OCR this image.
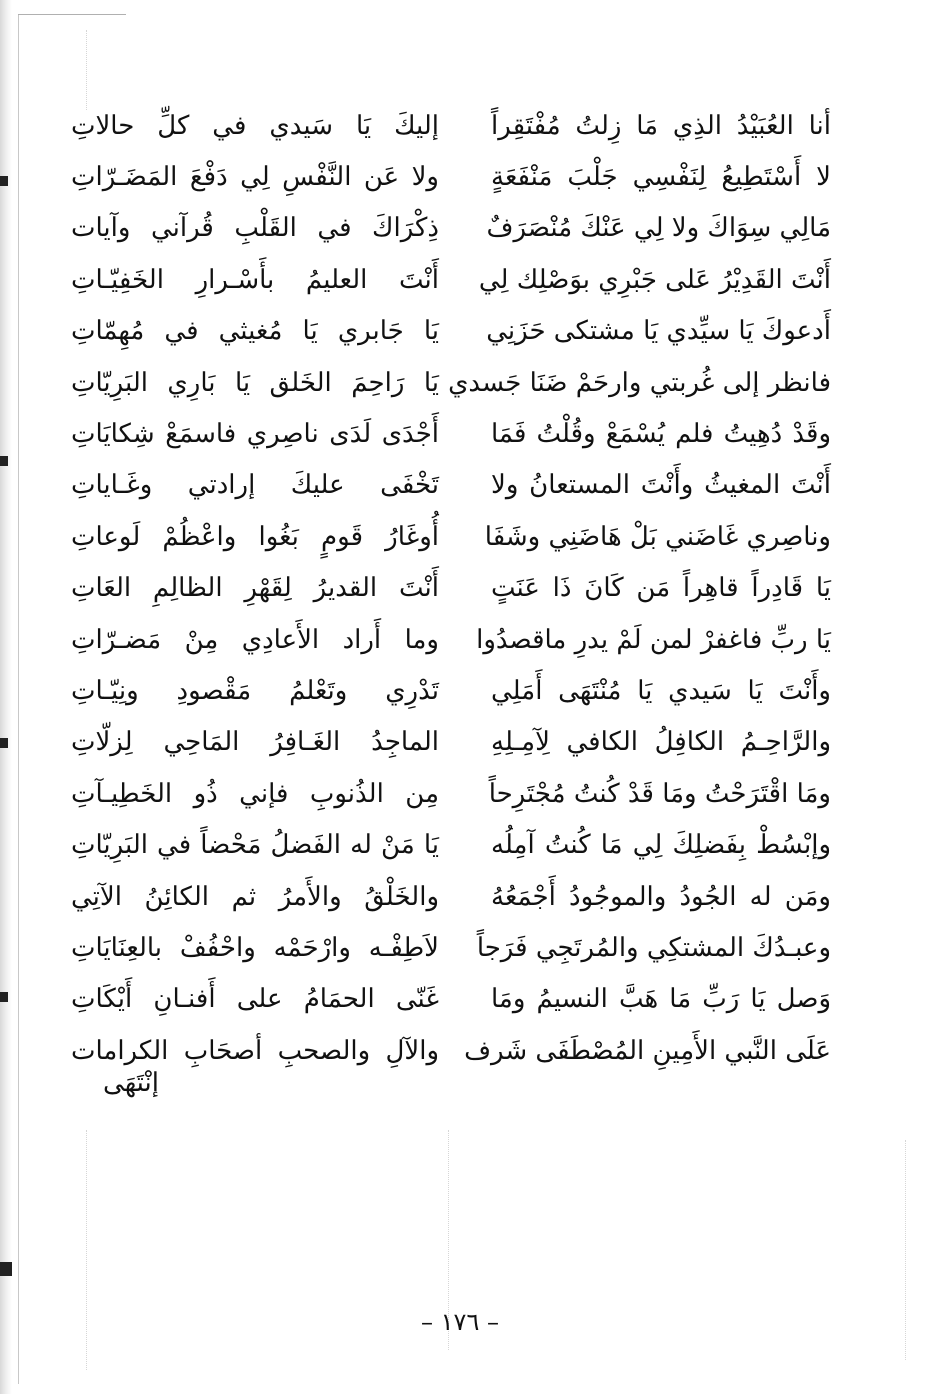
أنا العُبَيْدُ الذِي مَا زِلتُ مُفْتَقِراً
إليكَ يَا سَيدي في كلِّ حالاتِ
لا أَسْتَطِيعُ لِنَفْسِي جَلْبَ مَنْفَعَةٍ
ولا عَن النَّفْسِ لِي دَفْعَ المَضَـرّاتِ
مَالِي سِوَاكَ ولا لِي عَنْكَ مُنْصَرَفٌ
ذِكْرَاكَ في القَلْبِ قُرآني وآيات
أَنْتَ القَدِيْرُ عَلى جَبْرِي بوَصْلِك لِي
أَنْتَ العليمُ بأَسْـرارِ الخَفِيّـاتِ
أَدعوكَ يَا سيِّدي يَا مشتكى حَزَنِي
يَا جَابري يَا مُغيثي في مُهِمّاتِ
فانظر إلى غُربتي وارحَمْ ضَنَا جَسدي
يَا رَاحِمَ الخَلق يَا بَارِي البَرِيّاتِ
وقَدْ دُهِيتُ فلم يُسْمَعْ وقُلْتُ فَمَا
أَجْدَى لَدَى ناصِري فاسمَعْ شِكايَاتِ
أَنْتَ المغيثُ وأَنْتَ المستعانُ ولا
تَخْفَى عليكَ إرادتي وغَـاياتِ
وناصِري غَاضَني بَلْ هَاضَنِي وشَفَا
أُوغَارُ قَومٍ بَغُوا واعْظُمْ لَوعاتِ
يَا قَادِراً قاهِراً مَن كَانَ ذَا عَنَتٍ
أَنْتَ القديرُ لِقَهْرِ الظالِمِ العَاتِ
يَا ربِّ فاغفرْ لمن لَمْ يدرِ ماقصدُوا
وما أَراد الأَعادِي مِنْ مَضـرّاتِ
وأَنْتَ يَا سَيدي يَا مُنْتَهَى أَمَلِي
تَدْرِي وتَعْلمُ مَقْصودِ ونِيّـاتِ
والرَّاحِـمُ الكافِلُ الكافي لِآمِـلِهِ
الماجِدُ الغَـافِرُ المَاحِي لِزلّاتِ
ومَا اقْتَرَحْتُ ومَا قَدْ كُنتُ مُجْتَرِحاً
مِن الذُنوبِ فإني ذُو الخَطِيـآتِ
وإبْسُطْ بِفَضلِكَ لِي مَا كُنتُ آمِلُه
يَا مَنْ له الفَضلُ مَحْضاً في البَرِيّاتِ
ومَن له الجُودُ والموجُودُ أَجْمَعُهُ
والخَلْقُ والأَمرُ ثم الكائِنُ الآتِي
وعبـدُكَ المشتكِي والمُرتَجِي فَرَجاً
لاَطِفْـه وارْحَمْه واحْفُفْ بالعِنَايَاتِ
وَصل يَا رَبِّ مَا هَبَّ النسيمُ ومَا
غَنّى الحمَامُ على أَفنـانِ أَيْكَاتِ
عَلَى النَّبي الأَمِينِ المُصْطَفَى شَرف
والآلِ والصحبِ أصحَابِ الكرامات
إنْتَهَى
– ١٧٦ –
